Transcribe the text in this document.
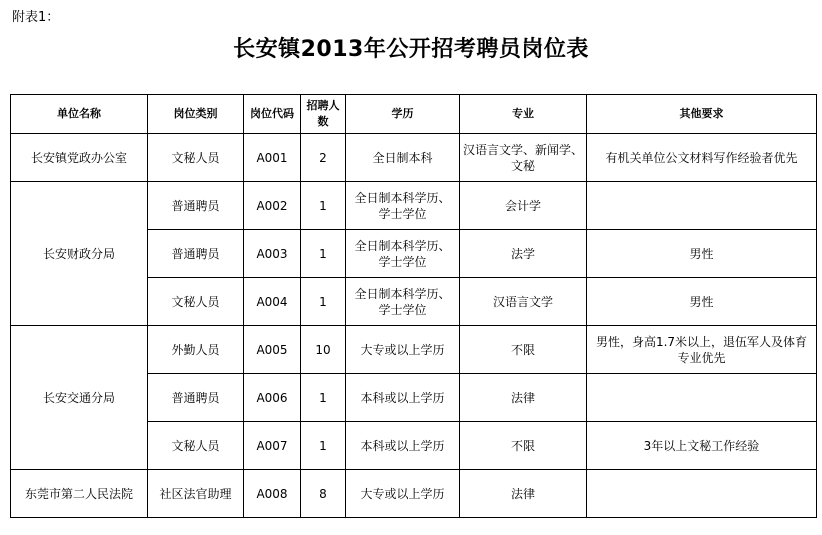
附表1：
长安镇2013年公开招考聘员岗位表
单位名称	岗位类别	岗位代码	招聘人数	学历	专业	其他要求
长安镇党政办公室	文秘人员	A001	2	全日制本科	汉语言文学、新闻学、文秘	有机关单位公文材料写作经验者优先
长安财政分局	普通聘员	A002	1	全日制本科学历、学士学位	会计学	
	普通聘员	A003	1	全日制本科学历、学士学位	法学	男性
	文秘人员	A004	1	全日制本科学历、学士学位	汉语言文学	男性
长安交通分局	外勤人员	A005	10	大专或以上学历	不限	男性，身高1.7米以上，退伍军人及体育专业优先
	普通聘员	A006	1	本科或以上学历	法律	
	文秘人员	A007	1	本科或以上学历	不限	3年以上文秘工作经验
东莞市第二人民法院	社区法官助理	A008	8	大专或以上学历	法律	
